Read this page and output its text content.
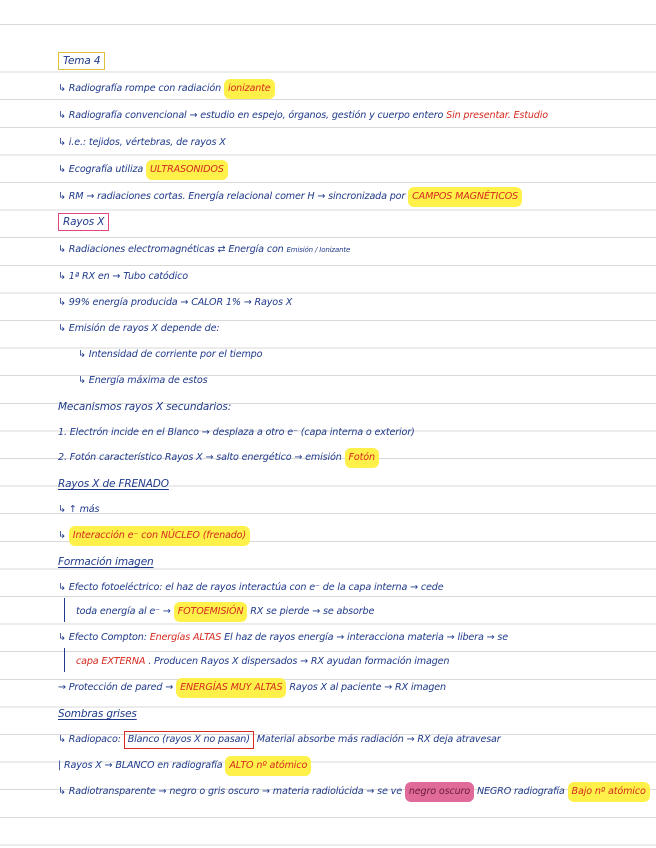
Tema 4
↳ Radiografía rompe con radiación ionizante
↳ Radiografía convencional → estudio en espejo, órganos, gestión y cuerpo entero Sin presentar. Estudio
↳ i.e.: tejidos, vértebras, de rayos X
↳ Ecografía utiliza ULTRASONIDOS
↳ RM → radiaciones cortas. Energía relacional comer H → sincronizada por CAMPOS MAGNÉTICOS
Rayos X
↳ Radiaciones electromagnéticas ⇄ Energía con Emisión / Ionizante
↳ 1ª RX en → Tubo catódico
↳ 99% energía producida → CALOR 1% → Rayos X
↳ Emisión de rayos X depende de:
↳ Intensidad de corriente por el tiempo
↳ Energía máxima de estos
Mecanismos rayos X secundarios:
1. Electrón incide en el Blanco → desplaza a otro e⁻ (capa interna o exterior)
2. Fotón característico Rayos X → salto energético → emisión Fotón
Rayos X de FRENADO
↳ ↑ más
↳ Interacción e⁻ con NÚCLEO (frenado)
Formación imagen
↳ Efecto fotoeléctrico: el haz de rayos interactúa con e⁻ de la capa interna → cede
toda energía al e⁻ → FOTOEMISIÓN RX se pierde → se absorbe
↳ Efecto Compton: Energías ALTAS El haz de rayos energía → interacciona materia → libera → se
capa EXTERNA . Producen Rayos X dispersados → RX ayudan formación imagen
→ Protección de pared → ENERGÍAS MUY ALTAS Rayos X al paciente → RX imagen
Sombras grises
↳ Radiopaco: Blanco (rayos X no pasan) Material absorbe más radiación → RX deja atravesar
| Rayos X → BLANCO en radiografía ALTO nº atómico
↳ Radiotransparente → negro o gris oscuro → materia radiolúcida → se ve negro oscuro NEGRO radiografía Bajo nº atómico
